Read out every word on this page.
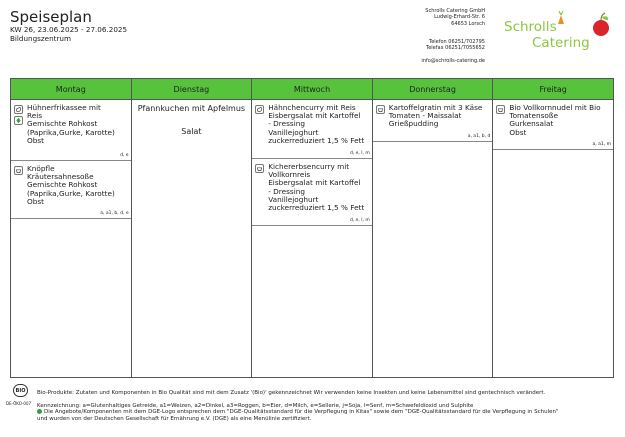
Speiseplan
KW 26, 23.06.2025 - 27.06.2025
Bildungszentrum
Schrolls Catering GmbH
Ludwig-Erhard-Str. 6
64653 Lorsch
Telefon 06251/702795
Telefax 06251/7055652
info@schrolls-catering.de
Schrolls
Catering
Montag
Hühnerfrikassee mit
Reis
Gemischte Rohkost
(Paprika,Gurke, Karotte)
Obst
d, e
Knöpfle
Kräutersahnesoße
Gemischte Rohkost
(Paprika,Gurke, Karotte)
Obst
a, a1, b, d, e
Dienstag
Pfannkuchen mit Apfelmus
Salat
Mittwoch
Hähnchencurry mit Reis
Eisbergsalat mit Kartoffel
- Dressing
Vanillejoghurt
zuckerreduziert 1,5 % Fett
d, e, l, m
Kichererbsencurry mit
Vollkornreis
Eisbergsalat mit Kartoffel
- Dressing
Vanillejoghurt
zuckerreduziert 1,5 % Fett
d, e, l, m
Donnerstag
Kartoffelgratin mit 3 Käse
Tomaten - Maissalat
Grießpudding
a, a1, b, d
Freitag
Bio Vollkornnudel mit Bio
Tomatensoße
Gurkensalat
Obst
a, a1, m
BIO
DE-ÖKO-007
Bio-Produkte: Zutaten und Komponenten in Bio Qualität sind mit dem Zusatz '(Bio)' gekennzeichnet Wir verwenden keine Insekten und keine Lebensmittel sind gentechnisch verändert.
Kennzeichnung: a=Glutenhaltiges Getreide, a1=Weizen, a2=Dinkel, a3=Roggen, b=Eier, d=Milch, e=Sellerie, j=Soja, l=Senf, m=Schwefeldioxid und Sulphite
Die Angebote/Komponenten mit dem DGE-Logo entsprechen dem "DGE-Qualitätsstandard für die Verpflegung in Kitas" sowie dem "DGE-Qualitätsstandard für die Verpflegung in Schulen"
und wurden von der Deutschen Gesellschaft für Ernährung e.V. (DGE) als eine Menülinie zertifiziert.
